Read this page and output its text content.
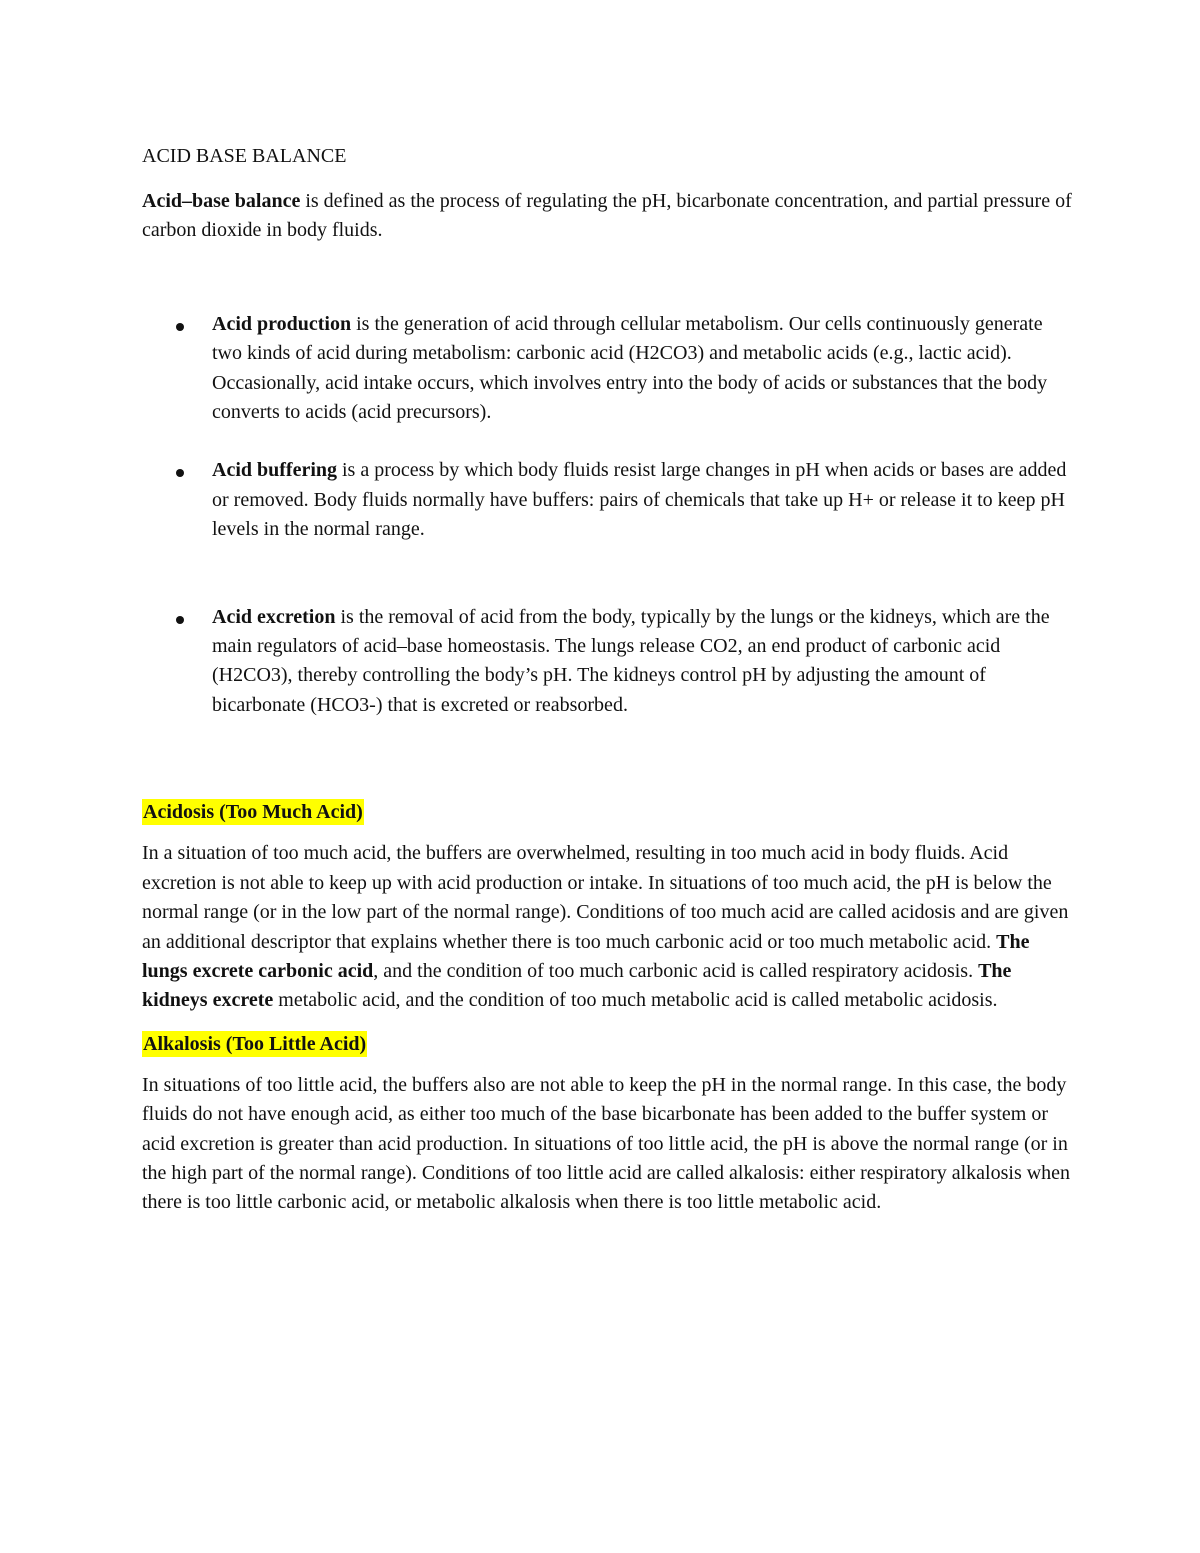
ACID BASE BALANCE

Acid–base balance is defined as the process of regulating the pH, bicarbonate concentration, and partial pressure of carbon dioxide in body fluids.

Acid production is the generation of acid through cellular metabolism. Our cells continuously generate two kinds of acid during metabolism: carbonic acid (H2CO3) and metabolic acids (e.g., lactic acid). Occasionally, acid intake occurs, which involves entry into the body of acids or substances that the body converts to acids (acid precursors).
Acid buffering is a process by which body fluids resist large changes in pH when acids or bases are added or removed. Body fluids normally have buffers: pairs of chemicals that take up H+ or release it to keep pH levels in the normal range.
Acid excretion is the removal of acid from the body, typically by the lungs or the kidneys, which are the main regulators of acid–base homeostasis. The lungs release CO2, an end product of carbonic acid (H2CO3), thereby controlling the body’s pH. The kidneys control pH by adjusting the amount of bicarbonate (HCO3-) that is excreted or reabsorbed.
Acidosis (Too Much Acid)

In a situation of too much acid, the buffers are overwhelmed, resulting in too much acid in body fluids. Acid excretion is not able to keep up with acid production or intake. In situations of too much acid, the pH is below the normal range (or in the low part of the normal range). Conditions of too much acid are called acidosis and are given an additional descriptor that explains whether there is too much carbonic acid or too much metabolic acid. The lungs excrete carbonic acid, and the condition of too much carbonic acid is called respiratory acidosis. The kidneys excrete metabolic acid, and the condition of too much metabolic acid is called metabolic acidosis.

Alkalosis (Too Little Acid)

In situations of too little acid, the buffers also are not able to keep the pH in the normal range. In this case, the body fluids do not have enough acid, as either too much of the base bicarbonate has been added to the buffer system or acid excretion is greater than acid production. In situations of too little acid, the pH is above the normal range (or in the high part of the normal range). Conditions of too little acid are called alkalosis: either respiratory alkalosis when there is too little carbonic acid, or metabolic alkalosis when there is too little metabolic acid.
